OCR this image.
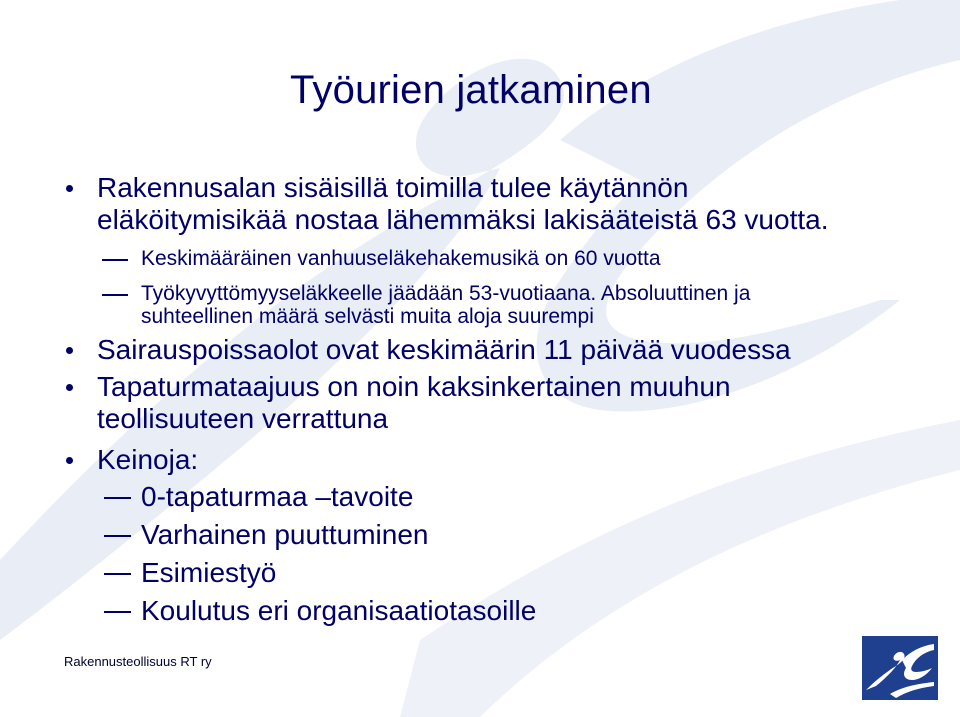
Työurien jatkaminen
Rakennusalan sisäisillä toimilla tulee käytännön
eläköitymisikää nostaa lähemmäksi lakisääteistä 63 vuotta.
Keskimääräinen vanhuuseläkehakemusikä on 60 vuotta
Työkyvyttömyyseläkkeelle jäädään 53-vuotiaana. Absoluuttinen ja
suhteellinen määrä selvästi muita aloja suurempi
Sairauspoissaolot ovat keskimäärin 11 päivää vuodessa
Tapaturmataajuus on noin kaksinkertainen muuhun
teollisuuteen verrattuna
Keinoja:
0-tapaturmaa –tavoite
Varhainen puuttuminen
Esimiestyö
Koulutus eri organisaatiotasoille
Rakennusteollisuus RT ry
